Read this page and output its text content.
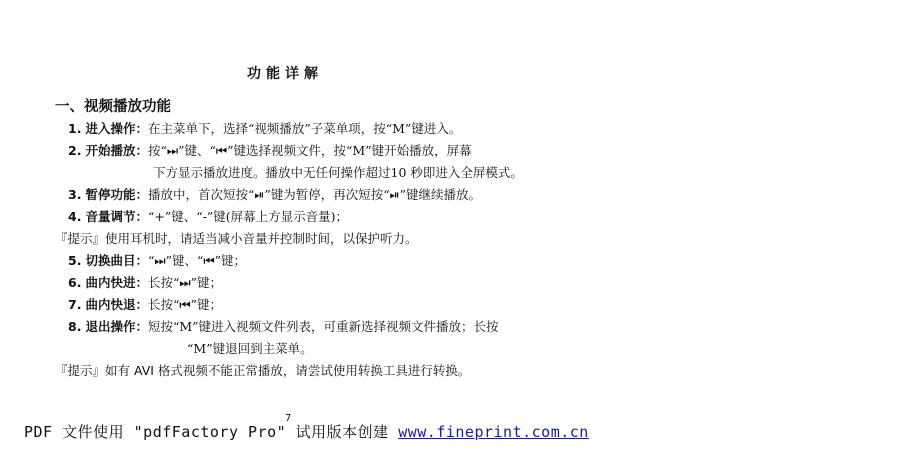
功能详解
一、视频播放功能
1. 进入操作：在主菜单下，选择“视频播放”子菜单项，按“M”键进入。
2. 开始播放：按“⏭”键、“⏮”键选择视频文件，按“M”键开始播放，屏幕
下方显示播放进度。播放中无任何操作超过10 秒即进入全屏模式。
3. 暂停功能：播放中，首次短按“⏯”键为暂停，再次短按“⏯”键继续播放。
4. 音量调节：“+”键、“-”键(屏幕上方显示音量)；
『提示』使用耳机时，请适当减小音量并控制时间，以保护听力。
5. 切换曲目：“⏭”键、“⏮”键；
6. 曲内快进：长按“⏭”键；
7. 曲内快退：长按“⏮”键；
8. 退出操作：短按“M”键进入视频文件列表，可重新选择视频文件播放；长按
“M”键退回到主菜单。
『提示』如有 AVI 格式视频不能正常播放，请尝试使用转换工具进行转换。
7
PDF 文件使用 "pdfFactory Pro" 试用版本创建 www.fineprint.com.cn
